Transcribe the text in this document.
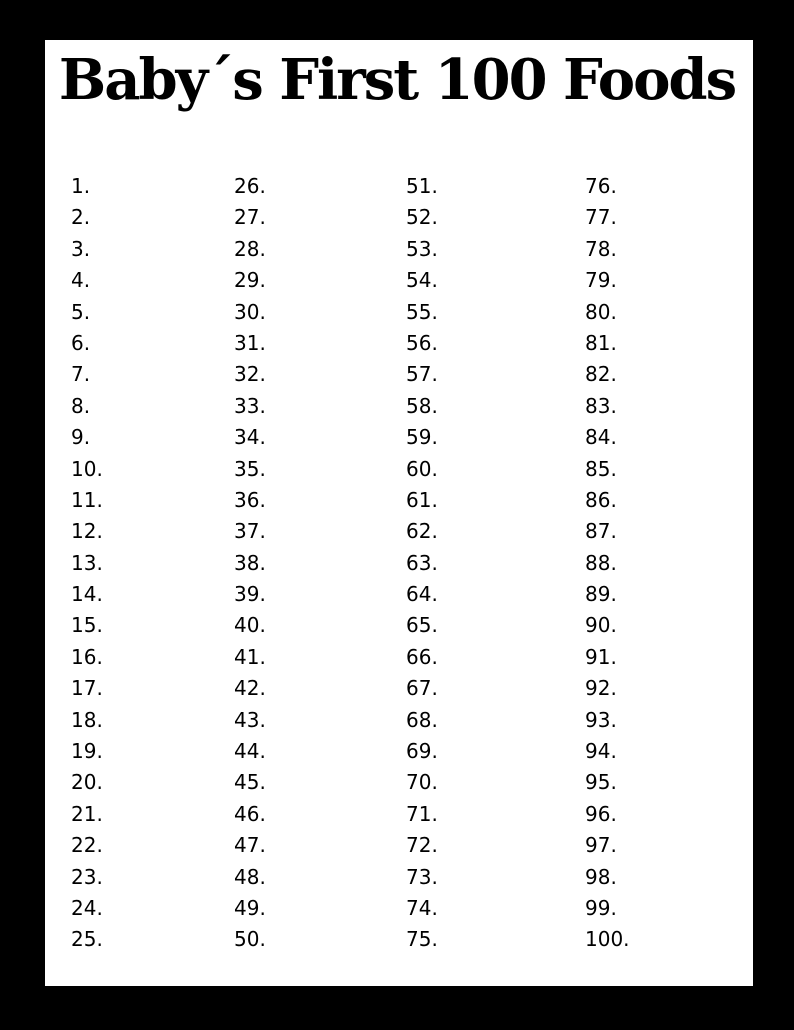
Baby´s First 100 Foods
1.
2.
3.
4.
5.
6.
7.
8.
9.
10.
11.
12.
13.
14.
15.
16.
17.
18.
19.
20.
21.
22.
23.
24.
25.
26.
27.
28.
29.
30.
31.
32.
33.
34.
35.
36.
37.
38.
39.
40.
41.
42.
43.
44.
45.
46.
47.
48.
49.
50.
51.
52.
53.
54.
55.
56.
57.
58.
59.
60.
61.
62.
63.
64.
65.
66.
67.
68.
69.
70.
71.
72.
73.
74.
75.
76.
77.
78.
79.
80.
81.
82.
83.
84.
85.
86.
87.
88.
89.
90.
91.
92.
93.
94.
95.
96.
97.
98.
99.
100.
